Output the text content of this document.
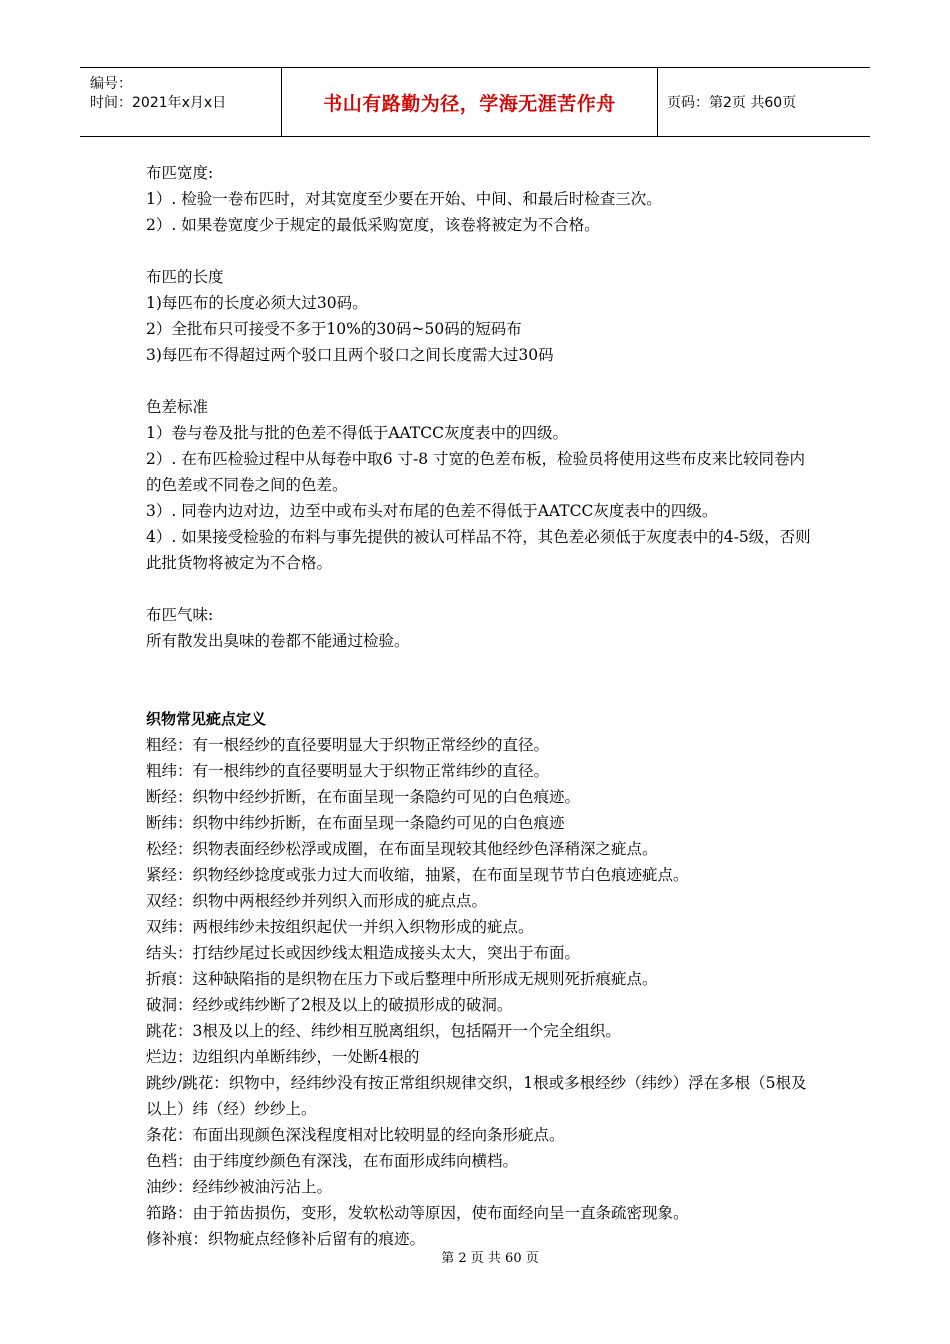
编号：
时间：2021年x月x日	书山有路勤为径，学海无涯苦作舟	页码：第2页 共60页
布匹宽度:
1）. 检验一卷布匹时，对其宽度至少要在开始、中间、和最后时检查三次。
2）. 如果卷宽度少于规定的最低采购宽度，该卷将被定为不合格。
布匹的长度
1)每匹布的长度必须大过30码。
2）全批布只可接受不多于10%的30码~50码的短码布
3)每匹布不得超过两个驳口且两个驳口之间长度需大过30码
色差标准
1）卷与卷及批与批的色差不得低于AATCC灰度表中的四级。
2）. 在布匹检验过程中从每卷中取6 寸-8 寸宽的色差布板，检验员将使用这些布皮来比较同卷内的色差或不同卷之间的色差。
3）. 同卷内边对边，边至中或布头对布尾的色差不得低于AATCC灰度表中的四级。
4）. 如果接受检验的布料与事先提供的被认可样品不符，其色差必须低于灰度表中的4-5级，否则此批货物将被定为不合格。
布匹气味:
所有散发出臭味的卷都不能通过检验。
织物常见疵点定义
粗经：有一根经纱的直径要明显大于织物正常经纱的直径。
粗纬：有一根纬纱的直径要明显大于织物正常纬纱的直径。
断经：织物中经纱折断，在布面呈现一条隐约可见的白色痕迹。
断纬：织物中纬纱折断，在布面呈现一条隐约可见的白色痕迹
松经：织物表面经纱松浮或成圈，在布面呈现较其他经纱色泽稍深之疵点。
紧经：织物经纱捻度或张力过大而收缩，抽紧，在布面呈现节节白色痕迹疵点。
双经：织物中两根经纱并列织入而形成的疵点点。
双纬：两根纬纱未按组织起伏一并织入织物形成的疵点。
结头：打结纱尾过长或因纱线太粗造成接头太大，突出于布面。
折痕：这种缺陷指的是织物在压力下或后整理中所形成无规则死折痕疵点。
破洞：经纱或纬纱断了2根及以上的破损形成的破洞。
跳花：3根及以上的经、纬纱相互脱离组织，包括隔开一个完全组织。
烂边：边组织内单断纬纱，一处断4根的
跳纱/跳花：织物中，经纬纱没有按正常组织规律交织，1根或多根经纱（纬纱）浮在多根（5根及以上）纬（经）纱纱上。
条花：布面出现颜色深浅程度相对比较明显的经向条形疵点。
色档：由于纬度纱颜色有深浅，在布面形成纬向横档。
油纱：经纬纱被油污沾上。
筘路：由于筘齿损伤，变形，发软松动等原因，使布面经向呈一直条疏密现象。
修补痕：织物疵点经修补后留有的痕迹。
第 2 页 共 60 页
